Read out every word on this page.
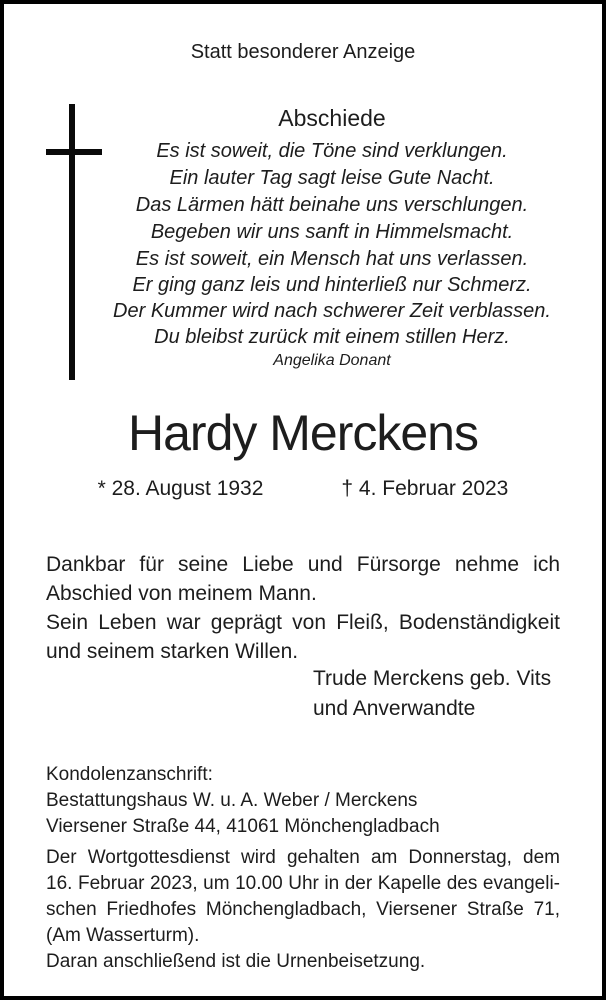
Statt besonderer Anzeige
Abschiede
Es ist soweit, die Töne sind verklungen.
Ein lauter Tag sagt leise Gute Nacht.
Das Lärmen hätt beinahe uns verschlungen.
Begeben wir uns sanft in Himmelsmacht.
Es ist soweit, ein Mensch hat uns verlassen.
Er ging ganz leis und hinterließ nur Schmerz.
Der Kummer wird nach schwerer Zeit verblassen.
Du bleibst zurück mit einem stillen Herz.
Angelika Donant
Hardy Merckens
* 28. August 1932	† 4. Februar 2023
Dankbar für seine Liebe und Fürsorge nehme ich
Abschied von meinem Mann.
Sein Leben war geprägt von Fleiß, Bodenständigkeit
und seinem starken Willen.
Trude Merckens geb. Vits
und Anverwandte
Kondolenzanschrift:
Bestattungshaus W. u. A. Weber / Merckens
Viersener Straße 44, 41061 Mönchengladbach
Der Wortgottesdienst wird gehalten am Donnerstag, dem
16. Februar 2023, um 10.00 Uhr in der Kapelle des evangeli-
schen Friedhofes Mönchengladbach, Viersener Straße 71,
(Am Wasserturm).
Daran anschließend ist die Urnenbeisetzung.
